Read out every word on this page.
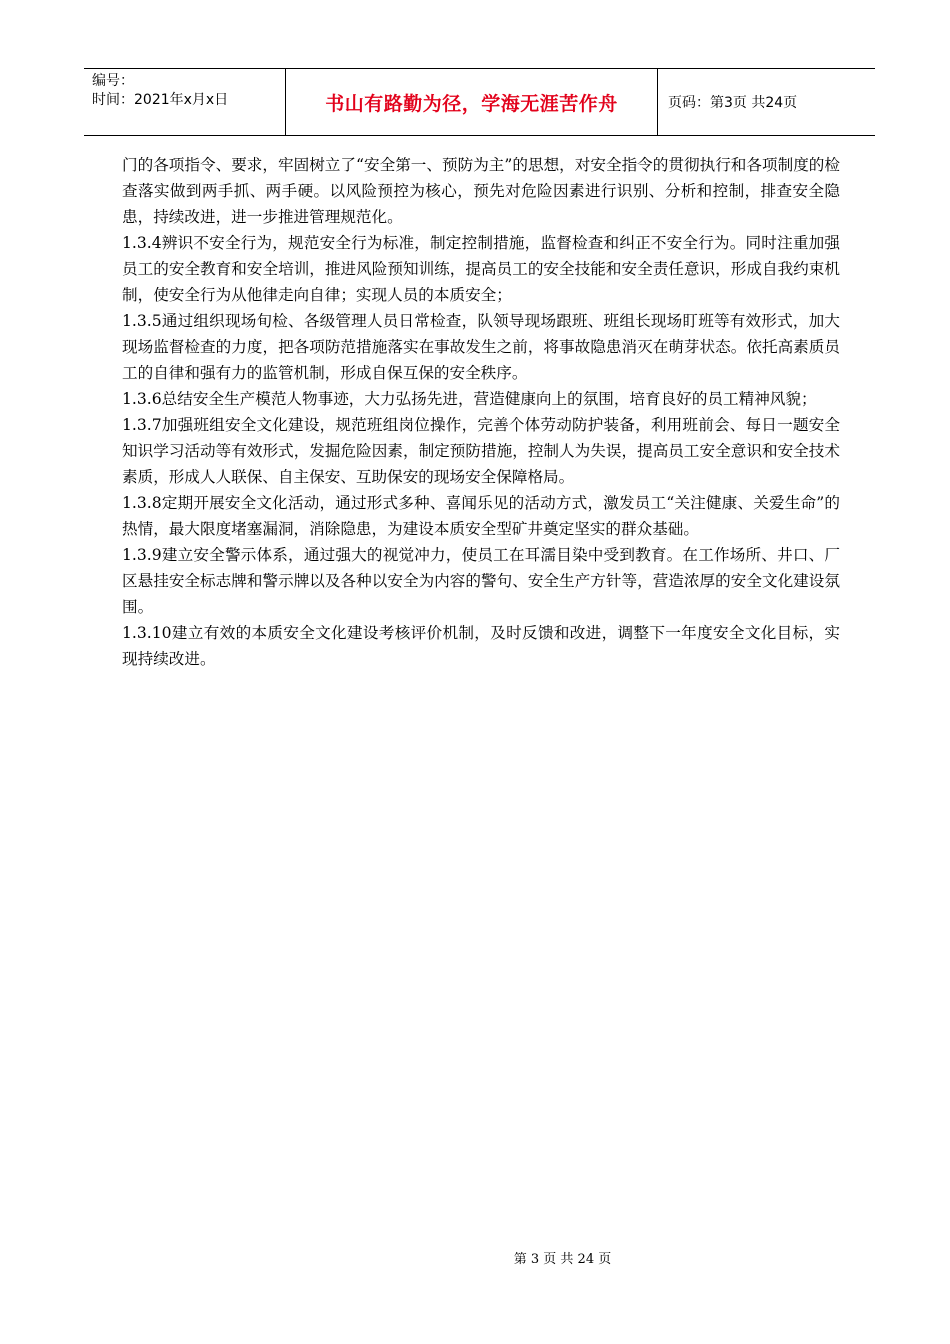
编号：
时间：2021年x月x日	书山有路勤为径，学海无涯苦作舟	页码：第3页 共24页

门的各项指令、要求，牢固树立了“安全第一、预防为主”的思想，对安全指令的贯彻执行和各项制度的检查落实做到两手抓、两手硬。以风险预控为核心，预先对危险因素进行识别、分析和控制，排查安全隐患，持续改进，进一步推进管理规范化。

1.3.4辨识不安全行为，规范安全行为标准，制定控制措施，监督检查和纠正不安全行为。同时注重加强员工的安全教育和安全培训，推进风险预知训练，提高员工的安全技能和安全责任意识，形成自我约束机制，使安全行为从他律走向自律；实现人员的本质安全；

1.3.5通过组织现场旬检、各级管理人员日常检查，队领导现场跟班、班组长现场盯班等有效形式，加大现场监督检查的力度，把各项防范措施落实在事故发生之前，将事故隐患消灭在萌芽状态。依托高素质员工的自律和强有力的监管机制，形成自保互保的安全秩序。

1.3.6总结安全生产模范人物事迹，大力弘扬先进，营造健康向上的氛围，培育良好的员工精神风貌；

1.3.7加强班组安全文化建设，规范班组岗位操作，完善个体劳动防护装备，利用班前会、每日一题安全知识学习活动等有效形式，发掘危险因素，制定预防措施，控制人为失误，提高员工安全意识和安全技术素质，形成人人联保、自主保安、互助保安的现场安全保障格局。

1.3.8定期开展安全文化活动，通过形式多种、喜闻乐见的活动方式，激发员工“关注健康、关爱生命”的热情，最大限度堵塞漏洞，消除隐患，为建设本质安全型矿井奠定坚实的群众基础。

1.3.9建立安全警示体系，通过强大的视觉冲力，使员工在耳濡目染中受到教育。在工作场所、井口、厂区悬挂安全标志牌和警示牌以及各种以安全为内容的警句、安全生产方针等，营造浓厚的安全文化建设氛围。

1.3.10建立有效的本质安全文化建设考核评价机制，及时反馈和改进，调整下一年度安全文化目标，实现持续改进。

第 3 页 共 24 页
